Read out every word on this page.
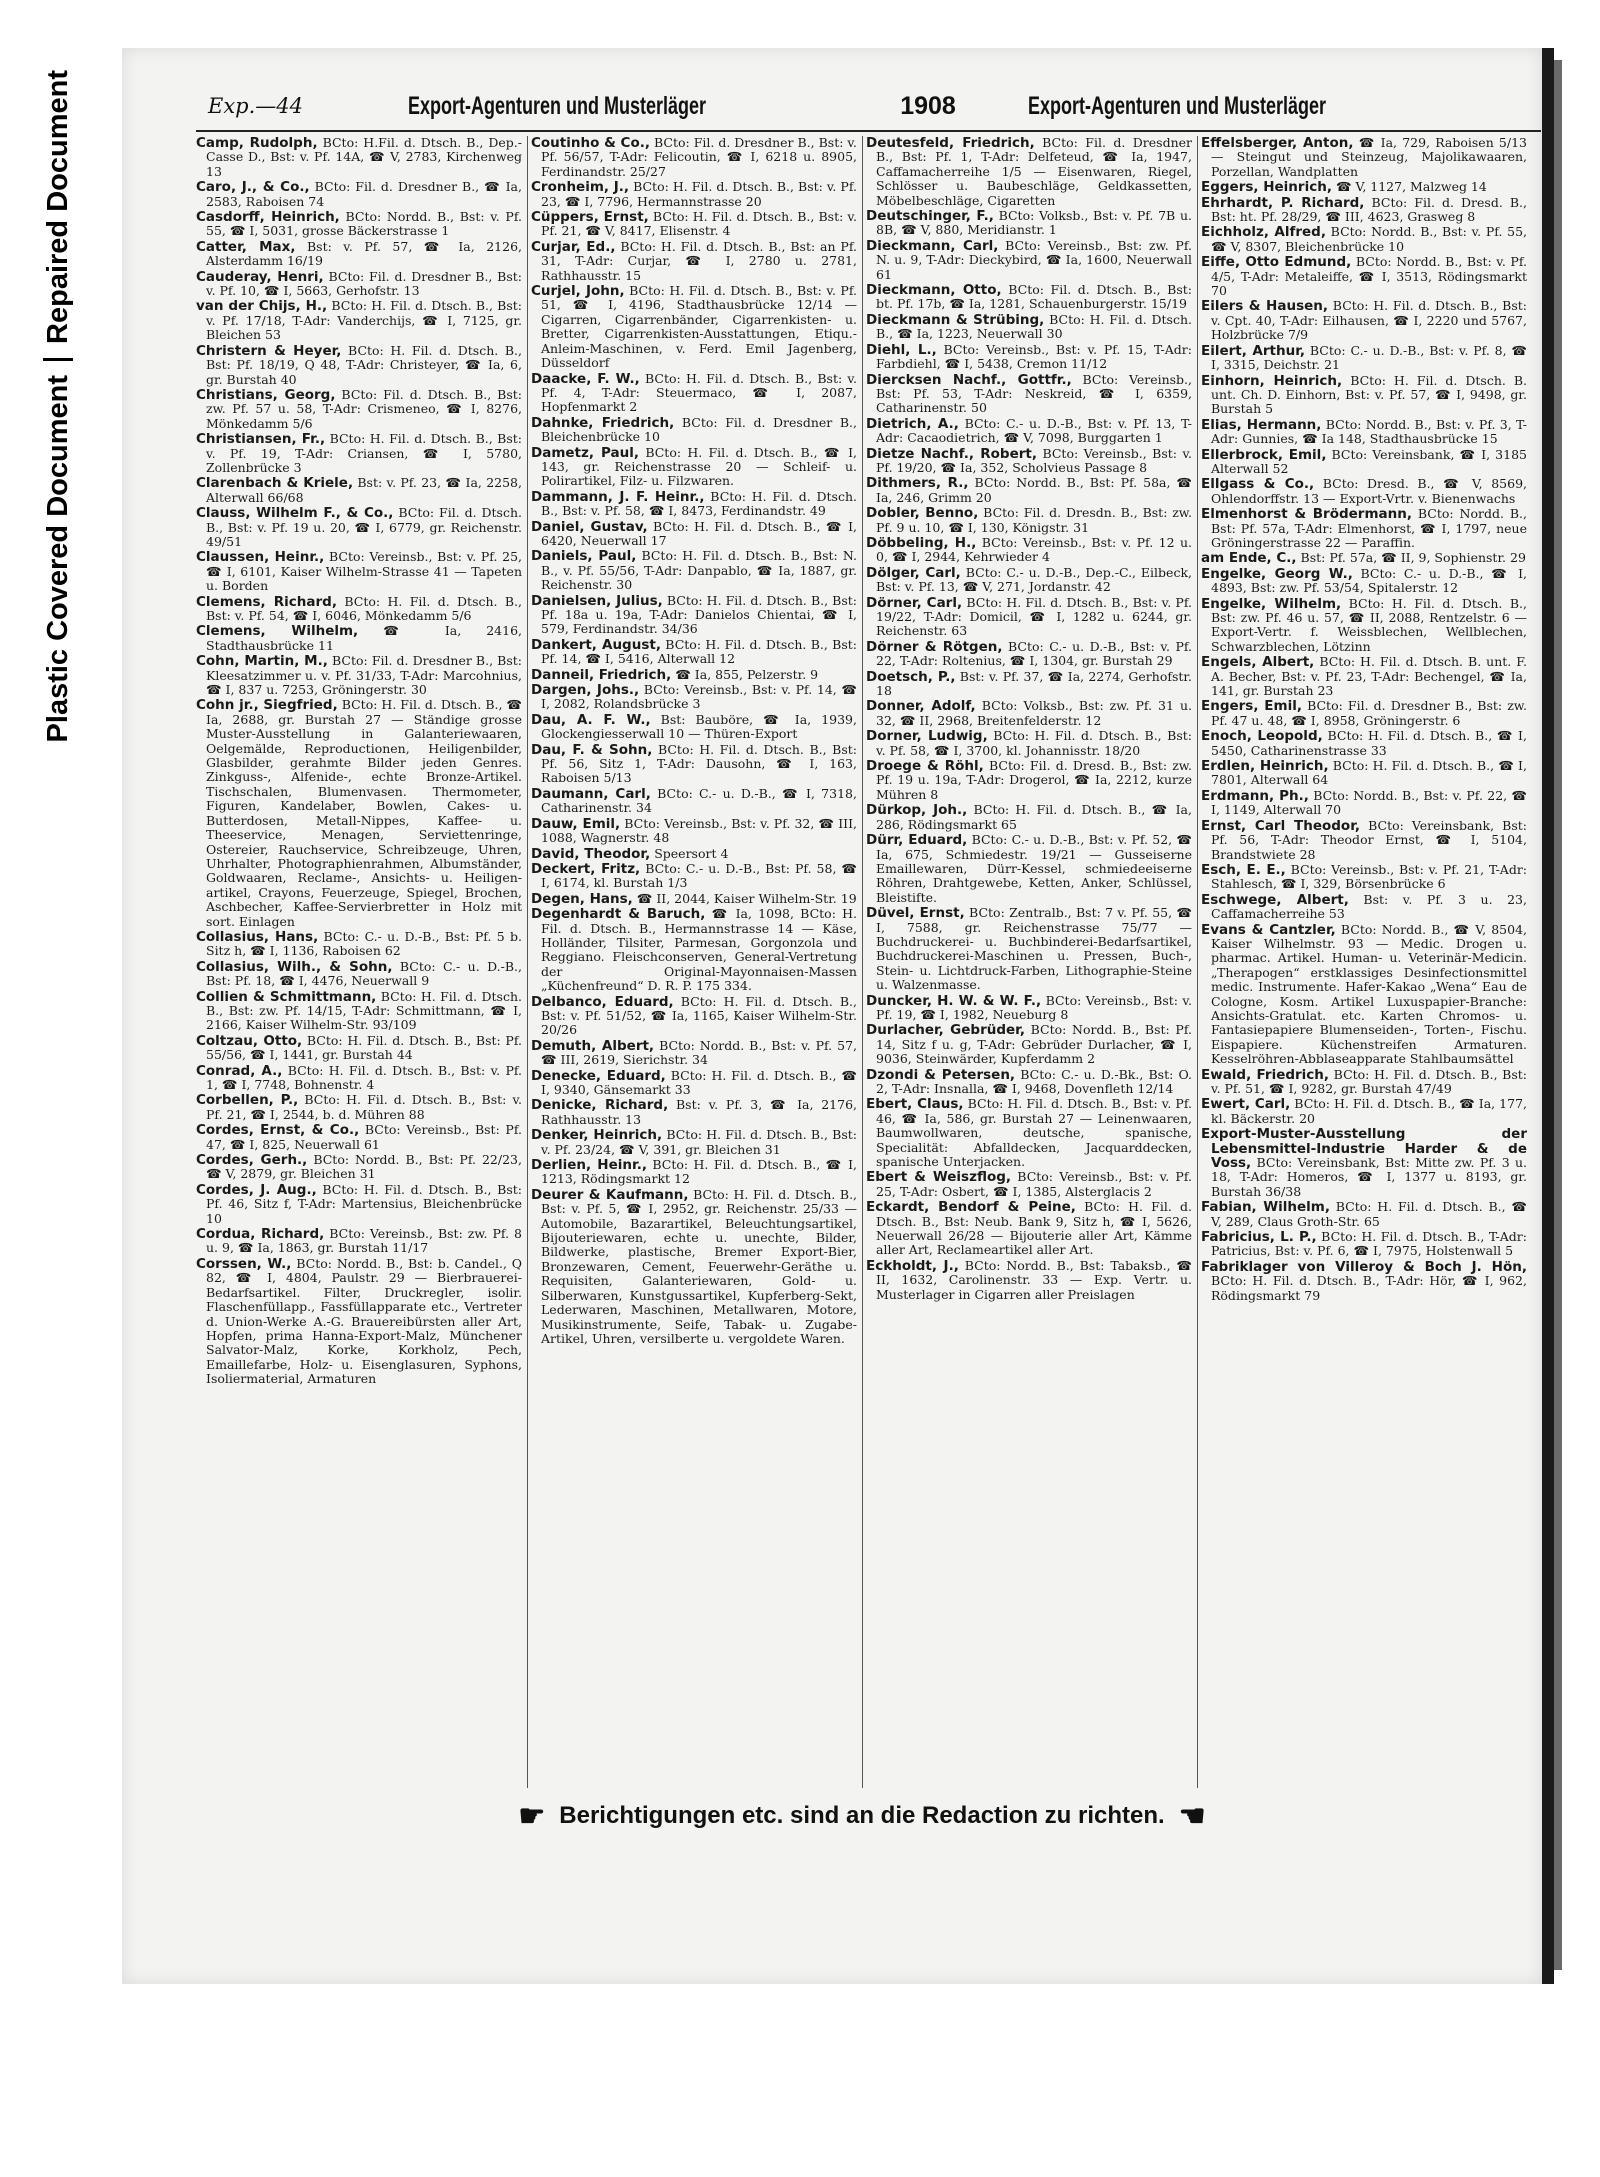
Repaired Document
Plastic Covered Document
Exp.—44	Export-Agenturen und Musterläger	1908	Export-Agenturen und Musterläger

Camp, Rudolph, BCto: H.Fil. d. Dtsch. B., Dep.-Casse D., Bst: v. Pf. 14A, ☎ V, 2783, Kirchenweg 13

Caro, J., & Co., BCto: Fil. d. Dresdner B., ☎ Ia, 2583, Raboisen 74

Casdorff, Heinrich, BCto: Nordd. B., Bst: v. Pf. 55, ☎ I, 5031, grosse Bäckerstrasse 1

Catter, Max, Bst: v. Pf. 57, ☎ Ia, 2126, Alsterdamm 16/19

Cauderay, Henri, BCto: Fil. d. Dresdner B., Bst: v. Pf. 10, ☎ I, 5663, Gerhofstr. 13

van der Chijs, H., BCto: H. Fil. d. Dtsch. B., Bst: v. Pf. 17/18, T-Adr: Vanderchijs, ☎ I, 7125, gr. Bleichen 53

Christern & Heyer, BCto: H. Fil. d. Dtsch. B., Bst: Pf. 18/19, Q 48, T-Adr: Christeyer, ☎ Ia, 6, gr. Burstah 40

Christians, Georg, BCto: Fil. d. Dtsch. B., Bst: zw. Pf. 57 u. 58, T-Adr: Crismeneo, ☎ I, 8276, Mönkedamm 5/6

Christiansen, Fr., BCto: H. Fil. d. Dtsch. B., Bst: v. Pf. 19, T-Adr: Criansen, ☎ I, 5780, Zollenbrücke 3

Clarenbach & Kriele, Bst: v. Pf. 23, ☎ Ia, 2258, Alterwall 66/68

Clauss, Wilhelm F., & Co., BCto: Fil. d. Dtsch. B., Bst: v. Pf. 19 u. 20, ☎ I, 6779, gr. Reichenstr. 49/51

Claussen, Heinr., BCto: Vereinsb., Bst: v. Pf. 25, ☎ I, 6101, Kaiser Wilhelm-Strasse 41 — Tapeten u. Borden

Clemens, Richard, BCto: H. Fil. d. Dtsch. B., Bst: v. Pf. 54, ☎ I, 6046, Mönkedamm 5/6

Clemens, Wilhelm, ☎ Ia, 2416, Stadthausbrücke 11

Cohn, Martin, M., BCto: Fil. d. Dresdner B., Bst: Kleesatzimmer u. v. Pf. 31/33, T-Adr: Marcohnius, ☎ I, 837 u. 7253, Gröningerstr. 30

Cohn jr., Siegfried, BCto: H. Fil. d. Dtsch. B., ☎ Ia, 2688, gr. Burstah 27 — Ständige grosse Muster-Ausstellung in Galanteriewaaren, Oelgemälde, Reproductionen, Heiligenbilder, Glasbilder, gerahmte Bilder jeden Genres. Zinkguss-, Alfenide-, echte Bronze-Artikel. Tischschalen, Blumenvasen. Thermometer, Figuren, Kandelaber, Bowlen, Cakes- u. Butterdosen, Metall-Nippes, Kaffee- u. Theeservice, Menagen, Serviettenringe, Ostereier, Rauchservice, Schreibzeuge, Uhren, Uhrhalter, Photographienrahmen, Albumständer, Goldwaaren, Reclame-, Ansichts- u. Heiligen-artikel, Crayons, Feuerzeuge, Spiegel, Brochen, Aschbecher, Kaffee-Servierbretter in Holz mit sort. Einlagen

Collasius, Hans, BCto: C.- u. D.-B., Bst: Pf. 5 b. Sitz h, ☎ I, 1136, Raboisen 62

Collasius, Wilh., & Sohn, BCto: C.- u. D.-B., Bst: Pf. 18, ☎ I, 4476, Neuerwall 9

Collien & Schmittmann, BCto: H. Fil. d. Dtsch. B., Bst: zw. Pf. 14/15, T-Adr: Schmittmann, ☎ I, 2166, Kaiser Wilhelm-Str. 93/109

Coltzau, Otto, BCto: H. Fil. d. Dtsch. B., Bst: Pf. 55/56, ☎ I, 1441, gr. Burstah 44

Conrad, A., BCto: H. Fil. d. Dtsch. B., Bst: v. Pf. 1, ☎ I, 7748, Bohnenstr. 4

Corbellen, P., BCto: H. Fil. d. Dtsch. B., Bst: v. Pf. 21, ☎ I, 2544, b. d. Mühren 88

Cordes, Ernst, & Co., BCto: Vereinsb., Bst: Pf. 47, ☎ I, 825, Neuerwall 61

Cordes, Gerh., BCto: Nordd. B., Bst: Pf. 22/23, ☎ V, 2879, gr. Bleichen 31

Cordes, J. Aug., BCto: H. Fil. d. Dtsch. B., Bst: Pf. 46, Sitz f, T-Adr: Martensius, Bleichenbrücke 10

Cordua, Richard, BCto: Vereinsb., Bst: zw. Pf. 8 u. 9, ☎ Ia, 1863, gr. Burstah 11/17

Corssen, W., BCto: Nordd. B., Bst: b. Candel., Q 82, ☎ I, 4804, Paulstr. 29 — Bierbrauerei-Bedarfsartikel. Filter, Druckregler, isolir. Flaschenfüllapp., Fassfüllapparate etc., Vertreter d. Union-Werke A.-G. Brauereibürsten aller Art, Hopfen, prima Hanna-Export-Malz, Münchener Salvator-Malz, Korke, Korkholz, Pech, Emaillefarbe, Holz- u. Eisenglasuren, Syphons, Isoliermaterial, Armaturen

Coutinho & Co., BCto: Fil. d. Dresdner B., Bst: v. Pf. 56/57, T-Adr: Felicoutin, ☎ I, 6218 u. 8905, Ferdinandstr. 25/27

Cronheim, J., BCto: H. Fil. d. Dtsch. B., Bst: v. Pf. 23, ☎ I, 7796, Hermannstrasse 20

Cüppers, Ernst, BCto: H. Fil. d. Dtsch. B., Bst: v. Pf. 21, ☎ V, 8417, Elisenstr. 4

Curjar, Ed., BCto: H. Fil. d. Dtsch. B., Bst: an Pf. 31, T-Adr: Curjar, ☎ I, 2780 u. 2781, Rathhausstr. 15

Curjel, John, BCto: H. Fil. d. Dtsch. B., Bst: v. Pf. 51, ☎ I, 4196, Stadthausbrücke 12/14 — Cigarren, Cigarrenbänder, Cigarrenkisten- u. Bretter, Cigarrenkisten-Ausstattungen, Etiqu.-Anleim-Maschinen, v. Ferd. Emil Jagenberg, Düsseldorf

Daacke, F. W., BCto: H. Fil. d. Dtsch. B., Bst: v. Pf. 4, T-Adr: Steuermaco, ☎ I, 2087, Hopfenmarkt 2

Dahnke, Friedrich, BCto: Fil. d. Dresdner B., Bleichenbrücke 10

Dametz, Paul, BCto: H. Fil. d. Dtsch. B., ☎ I, 143, gr. Reichenstrasse 20 — Schleif- u. Polirartikel, Filz- u. Filzwaren.

Dammann, J. F. Heinr., BCto: H. Fil. d. Dtsch. B., Bst: v. Pf. 58, ☎ I, 8473, Ferdinandstr. 49

Daniel, Gustav, BCto: H. Fil. d. Dtsch. B., ☎ I, 6420, Neuerwall 17

Daniels, Paul, BCto: H. Fil. d. Dtsch. B., Bst: N. B., v. Pf. 55/56, T-Adr: Danpablo, ☎ Ia, 1887, gr. Reichenstr. 30

Danielsen, Julius, BCto: H. Fil. d. Dtsch. B., Bst: Pf. 18a u. 19a, T-Adr: Danielos Chientai, ☎ I, 579, Ferdinandstr. 34/36

Dankert, August, BCto: H. Fil. d. Dtsch. B., Bst: Pf. 14, ☎ I, 5416, Alterwall 12

Danneil, Friedrich, ☎ Ia, 855, Pelzerstr. 9

Dargen, Johs., BCto: Vereinsb., Bst: v. Pf. 14, ☎ I, 2082, Rolandsbrücke 3

Dau, A. F. W., Bst: Bauböre, ☎ Ia, 1939, Glockengiesserwall 10 — Thüren-Export

Dau, F. & Sohn, BCto: H. Fil. d. Dtsch. B., Bst: Pf. 56, Sitz 1, T-Adr: Dausohn, ☎ I, 163, Raboisen 5/13

Daumann, Carl, BCto: C.- u. D.-B., ☎ I, 7318, Catharinenstr. 34

Dauw, Emil, BCto: Vereinsb., Bst: v. Pf. 32, ☎ III, 1088, Wagnerstr. 48

David, Theodor, Speersort 4

Deckert, Fritz, BCto: C.- u. D.-B., Bst: Pf. 58, ☎ I, 6174, kl. Burstah 1/3

Degen, Hans, ☎ II, 2044, Kaiser Wilhelm-Str. 19

Degenhardt & Baruch, ☎ Ia, 1098, BCto: H. Fil. d. Dtsch. B., Hermannstrasse 14 — Käse, Holländer, Tilsiter, Parmesan, Gorgonzola und Reggiano. Fleischconserven, General-Vertretung der Original-Mayonnaisen-Massen „Küchenfreund“ D. R. P. 175 334.

Delbanco, Eduard, BCto: H. Fil. d. Dtsch. B., Bst: v. Pf. 51/52, ☎ Ia, 1165, Kaiser Wilhelm-Str. 20/26

Demuth, Albert, BCto: Nordd. B., Bst: v. Pf. 57, ☎ III, 2619, Sierichstr. 34

Denecke, Eduard, BCto: H. Fil. d. Dtsch. B., ☎ I, 9340, Gänsemarkt 33

Denicke, Richard, Bst: v. Pf. 3, ☎ Ia, 2176, Rathhausstr. 13

Denker, Heinrich, BCto: H. Fil. d. Dtsch. B., Bst: v. Pf. 23/24, ☎ V, 391, gr. Bleichen 31

Derlien, Heinr., BCto: H. Fil. d. Dtsch. B., ☎ I, 1213, Rödingsmarkt 12

Deurer & Kaufmann, BCto: H. Fil. d. Dtsch. B., Bst: v. Pf. 5, ☎ I, 2952, gr. Reichenstr. 25/33 — Automobile, Bazarartikel, Beleuchtungsartikel, Bijouteriewaren, echte u. unechte, Bilder, Bildwerke, plastische, Bremer Export-Bier, Bronzewaren, Cement, Feuerwehr-Geräthe u. Requisiten, Galanteriewaren, Gold- u. Silberwaren, Kunstgussartikel, Kupferberg-Sekt, Lederwaren, Maschinen, Metallwaren, Motore, Musikinstrumente, Seife, Tabak- u. Zugabe-Artikel, Uhren, versilberte u. vergoldete Waren.

Deutesfeld, Friedrich, BCto: Fil. d. Dresdner B., Bst: Pf. 1, T-Adr: Delfeteud, ☎ Ia, 1947, Caffamacherreihe 1/5 — Eisenwaren, Riegel, Schlösser u. Baubeschläge, Geldkassetten, Möbelbeschläge, Cigaretten

Deutschinger, F., BCto: Volksb., Bst: v. Pf. 7B u. 8B, ☎ V, 880, Meridianstr. 1

Dieckmann, Carl, BCto: Vereinsb., Bst: zw. Pf. N. u. 9, T-Adr: Dieckybird, ☎ Ia, 1600, Neuerwall 61

Dieckmann, Otto, BCto: Fil. d. Dtsch. B., Bst: bt. Pf. 17b, ☎ Ia, 1281, Schauenburgerstr. 15/19

Dieckmann & Strübing, BCto: H. Fil. d. Dtsch. B., ☎ Ia, 1223, Neuerwall 30

Diehl, L., BCto: Vereinsb., Bst: v. Pf. 15, T-Adr: Farbdiehl, ☎ I, 5438, Cremon 11/12

Diercksen Nachf., Gottfr., BCto: Vereinsb., Bst: Pf. 53, T-Adr: Neskreid, ☎ I, 6359, Catharinenstr. 50

Dietrich, A., BCto: C.- u. D.-B., Bst: v. Pf. 13, T-Adr: Cacaodietrich, ☎ V, 7098, Burggarten 1

Dietze Nachf., Robert, BCto: Vereinsb., Bst: v. Pf. 19/20, ☎ Ia, 352, Scholvieus Passage 8

Dithmers, R., BCto: Nordd. B., Bst: Pf. 58a, ☎ Ia, 246, Grimm 20

Dobler, Benno, BCto: Fil. d. Dresdn. B., Bst: zw. Pf. 9 u. 10, ☎ I, 130, Königstr. 31

Döbbeling, H., BCto: Vereinsb., Bst: v. Pf. 12 u. 0, ☎ I, 2944, Kehrwieder 4

Dölger, Carl, BCto: C.- u. D.-B., Dep.-C., Eilbeck, Bst: v. Pf. 13, ☎ V, 271, Jordanstr. 42

Dörner, Carl, BCto: H. Fil. d. Dtsch. B., Bst: v. Pf. 19/22, T-Adr: Domicil, ☎ I, 1282 u. 6244, gr. Reichenstr. 63

Dörner & Rötgen, BCto: C.- u. D.-B., Bst: v. Pf. 22, T-Adr: Roltenius, ☎ I, 1304, gr. Burstah 29

Doetsch, P., Bst: v. Pf. 37, ☎ Ia, 2274, Gerhofstr. 18

Donner, Adolf, BCto: Volksb., Bst: zw. Pf. 31 u. 32, ☎ II, 2968, Breitenfelderstr. 12

Dorner, Ludwig, BCto: H. Fil. d. Dtsch. B., Bst: v. Pf. 58, ☎ I, 3700, kl. Johannisstr. 18/20

Droege & Röhl, BCto: Fil. d. Dresd. B., Bst: zw. Pf. 19 u. 19a, T-Adr: Drogerol, ☎ Ia, 2212, kurze Mühren 8

Dürkop, Joh., BCto: H. Fil. d. Dtsch. B., ☎ Ia, 286, Rödingsmarkt 65

Dürr, Eduard, BCto: C.- u. D.-B., Bst: v. Pf. 52, ☎ Ia, 675, Schmiedestr. 19/21 — Gusseiserne Emaillewaren, Dürr-Kessel, schmiedeeiserne Röhren, Drahtgewebe, Ketten, Anker, Schlüssel, Bleistifte.

Düvel, Ernst, BCto: Zentralb., Bst: 7 v. Pf. 55, ☎ I, 7588, gr. Reichenstrasse 75/77 — Buchdruckerei- u. Buchbinderei-Bedarfsartikel, Buchdruckerei-Maschinen u. Pressen, Buch-, Stein- u. Lichtdruck-Farben, Lithographie-Steine u. Walzenmasse.

Duncker, H. W. & W. F., BCto: Vereinsb., Bst: v. Pf. 19, ☎ I, 1982, Neueburg 8

Durlacher, Gebrüder, BCto: Nordd. B., Bst: Pf. 14, Sitz f u. g, T-Adr: Gebrüder Durlacher, ☎ I, 9036, Steinwärder, Kupferdamm 2

Dzondi & Petersen, BCto: C.- u. D.-Bk., Bst: O. 2, T-Adr: Insnalla, ☎ I, 9468, Dovenfleth 12/14

Ebert, Claus, BCto: H. Fil. d. Dtsch. B., Bst: v. Pf. 46, ☎ Ia, 586, gr. Burstah 27 — Leinenwaaren, Baumwollwaren, deutsche, spanische, Specialität: Abfalldecken, Jacquarddecken, spanische Unterjacken.

Ebert & Weiszflog, BCto: Vereinsb., Bst: v. Pf. 25, T-Adr: Osbert, ☎ I, 1385, Alsterglacis 2

Eckardt, Bendorf & Peine, BCto: H. Fil. d. Dtsch. B., Bst: Neub. Bank 9, Sitz h, ☎ I, 5626, Neuerwall 26/28 — Bijouterie aller Art, Kämme aller Art, Reclameartikel aller Art.

Eckholdt, J., BCto: Nordd. B., Bst: Tabaksb., ☎ II, 1632, Carolinenstr. 33 — Exp. Vertr. u. Musterlager in Cigarren aller Preislagen

Effelsberger, Anton, ☎ Ia, 729, Raboisen 5/13 — Steingut und Steinzeug, Majolikawaaren, Porzellan, Wandplatten

Eggers, Heinrich, ☎ V, 1127, Malzweg 14

Ehrhardt, P. Richard, BCto: Fil. d. Dresd. B., Bst: ht. Pf. 28/29, ☎ III, 4623, Grasweg 8

Eichholz, Alfred, BCto: Nordd. B., Bst: v. Pf. 55, ☎ V, 8307, Bleichenbrücke 10

Eiffe, Otto Edmund, BCto: Nordd. B., Bst: v. Pf. 4/5, T-Adr: Metaleiffe, ☎ I, 3513, Rödingsmarkt 70

Eilers & Hausen, BCto: H. Fil. d. Dtsch. B., Bst: v. Cpt. 40, T-Adr: Eilhausen, ☎ I, 2220 und 5767, Holzbrücke 7/9

Eilert, Arthur, BCto: C.- u. D.-B., Bst: v. Pf. 8, ☎ I, 3315, Deichstr. 21

Einhorn, Heinrich, BCto: H. Fil. d. Dtsch. B. unt. Ch. D. Einhorn, Bst: v. Pf. 57, ☎ I, 9498, gr. Burstah 5

Elias, Hermann, BCto: Nordd. B., Bst: v. Pf. 3, T-Adr: Gunnies, ☎ Ia 148, Stadthausbrücke 15

Ellerbrock, Emil, BCto: Vereinsbank, ☎ I, 3185 Alterwall 52

Ellgass & Co., BCto: Dresd. B., ☎ V, 8569, Ohlendorffstr. 13 — Export-Vrtr. v. Bienenwachs

Elmenhorst & Brödermann, BCto: Nordd. B., Bst: Pf. 57a, T-Adr: Elmenhorst, ☎ I, 1797, neue Gröningerstrasse 22 — Paraffin.

am Ende, C., Bst: Pf. 57a, ☎ II, 9, Sophienstr. 29

Engelke, Georg W., BCto: C.- u. D.-B., ☎ I, 4893, Bst: zw. Pf. 53/54, Spitalerstr. 12

Engelke, Wilhelm, BCto: H. Fil. d. Dtsch. B., Bst: zw. Pf. 46 u. 57, ☎ II, 2088, Rentzelstr. 6 — Export-Vertr. f. Weissblechen, Wellblechen, Schwarzblechen, Lötzinn

Engels, Albert, BCto: H. Fil. d. Dtsch. B. unt. F. A. Becher, Bst: v. Pf. 23, T-Adr: Bechengel, ☎ Ia, 141, gr. Burstah 23

Engers, Emil, BCto: Fil. d. Dresdner B., Bst: zw. Pf. 47 u. 48, ☎ I, 8958, Gröningerstr. 6

Enoch, Leopold, BCto: H. Fil. d. Dtsch. B., ☎ I, 5450, Catharinenstrasse 33

Erdlen, Heinrich, BCto: H. Fil. d. Dtsch. B., ☎ I, 7801, Alterwall 64

Erdmann, Ph., BCto: Nordd. B., Bst: v. Pf. 22, ☎ I, 1149, Alterwall 70

Ernst, Carl Theodor, BCto: Vereinsbank, Bst: Pf. 56, T-Adr: Theodor Ernst, ☎ I, 5104, Brandstwiete 28

Esch, E. E., BCto: Vereinsb., Bst: v. Pf. 21, T-Adr: Stahlesch, ☎ I, 329, Börsenbrücke 6

Eschwege, Albert, Bst: v. Pf. 3 u. 23, Caffamacherreihe 53

Evans & Cantzler, BCto: Nordd. B., ☎ V, 8504, Kaiser Wilhelmstr. 93 — Medic. Drogen u. pharmac. Artikel. Human- u. Veterinär-Medicin. „Therapogen“ erstklassiges Desinfectionsmittel medic. Instrumente. Hafer-Kakao „Wena“ Eau de Cologne, Kosm. Artikel Luxuspapier-Branche: Ansichts-Gratulat. etc. Karten Chromos- u. Fantasiepapiere Blumenseiden-, Torten-, Fischu. Eispapiere. Küchenstreifen Armaturen. Kesselröhren-Abblaseapparate Stahlbaumsättel

Ewald, Friedrich, BCto: H. Fil. d. Dtsch. B., Bst: v. Pf. 51, ☎ I, 9282, gr. Burstah 47/49

Ewert, Carl, BCto: H. Fil. d. Dtsch. B., ☎ Ia, 177, kl. Bäckerstr. 20

Export-Muster-Ausstellung der Lebensmittel-Industrie Harder & de Voss, BCto: Vereinsbank, Bst: Mitte zw. Pf. 3 u. 18, T-Adr: Homeros, ☎ I, 1377 u. 8193, gr. Burstah 36/38

Fabian, Wilhelm, BCto: H. Fil. d. Dtsch. B., ☎ V, 289, Claus Groth-Str. 65

Fabricius, L. P., BCto: H. Fil. d. Dtsch. B., T-Adr: Patricius, Bst: v. Pf. 6, ☎ I, 7975, Holstenwall 5

Fabriklager von Villeroy & Boch J. Hön, BCto: H. Fil. d. Dtsch. B., T-Adr: Hör, ☎ I, 962, Rödingsmarkt 79

☛ Berichtigungen etc. sind an die Redaction zu richten. ☚
